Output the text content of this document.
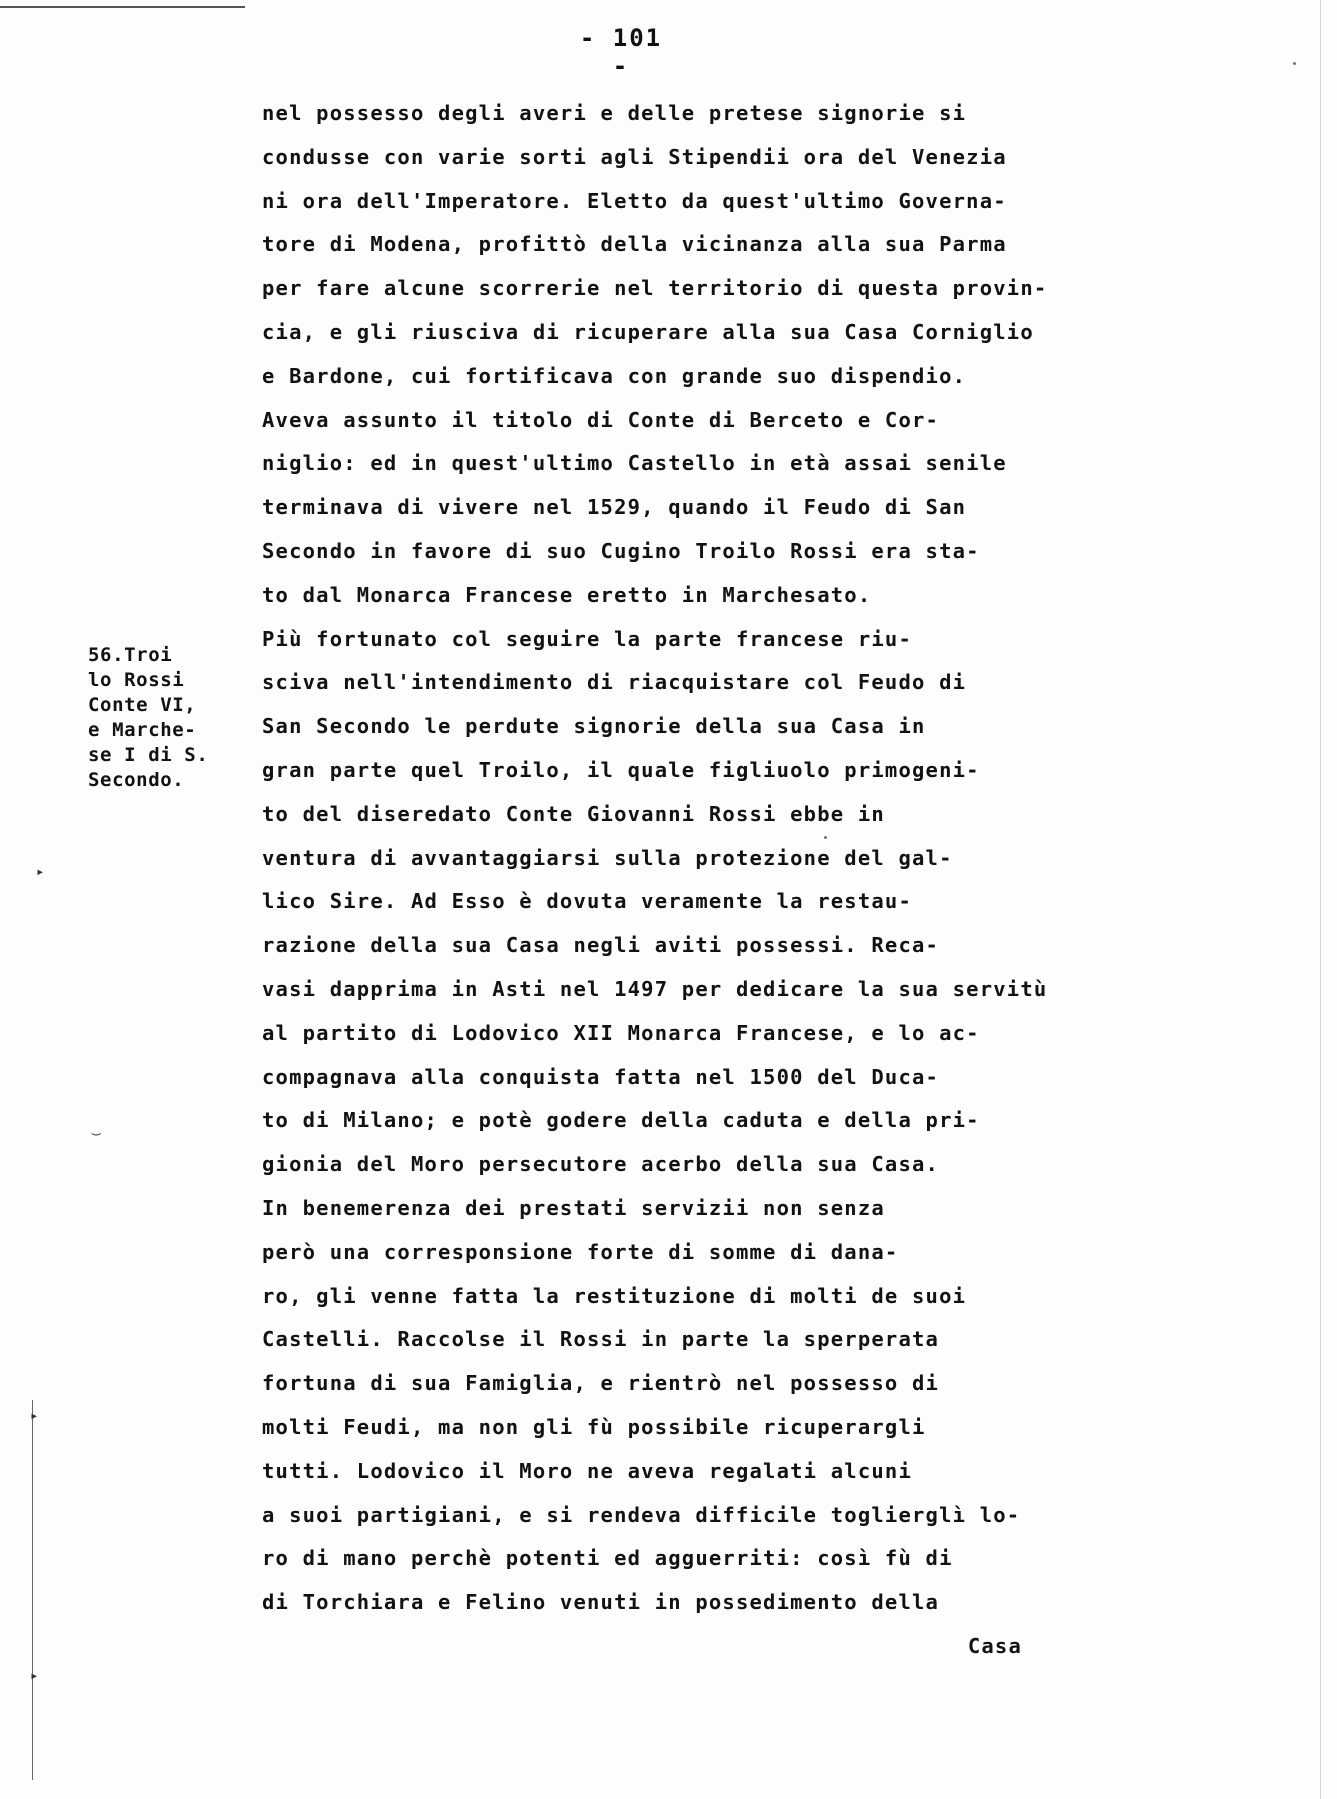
- 101 -
56.Troi
lo Rossi
Conte VI,
e Marche-
se I di S.
Secondo.
▸
‿
▸
▸
nel possesso degli averi e delle pretese signorie si
condusse con varie sorti agli Stipendii ora del Venezia
ni ora dell'Imperatore. Eletto da quest'ultimo Governa-
tore di Modena, profittò della vicinanza alla sua Parma
per fare alcune scorrerie nel territorio di questa provin-
cia, e gli riusciva di ricuperare alla sua Casa Corniglio
e Bardone, cui fortificava con grande suo dispendio.
Aveva assunto il titolo di Conte di Berceto e Cor-
niglio: ed in quest'ultimo Castello in età assai senile
terminava di vivere nel 1529, quando il Feudo di San
Secondo in favore di suo Cugino Troilo Rossi era sta-
to dal Monarca Francese eretto in Marchesato.
Più fortunato col seguire la parte francese riu-
sciva nell'intendimento di riacquistare col Feudo di
San Secondo le perdute signorie della sua Casa in
gran parte quel Troilo, il quale figliuolo primogeni-
to del diseredato Conte Giovanni Rossi ebbe in
ventura di avvantaggiarsi sulla protezione del gal-
lico Sire. Ad Esso è dovuta veramente la restau-
razione della sua Casa negli aviti possessi. Reca-
vasi dapprima in Asti nel 1497 per dedicare la sua servitù
al partito di Lodovico XII Monarca Francese, e lo ac-
compagnava alla conquista fatta nel 1500 del Duca-
to di Milano; e potè godere della caduta e della pri-
gionia del Moro persecutore acerbo della sua Casa.
In benemerenza dei prestati servizii non senza
però una corresponsione forte di somme di dana-
ro, gli venne fatta la restituzione di molti de suoi
Castelli. Raccolse il Rossi in parte la sperperata
fortuna di sua Famiglia, e rientrò nel possesso di
molti Feudi, ma non gli fù possibile ricuperargli
tutti. Lodovico il Moro ne aveva regalati alcuni
a suoi partigiani, e si rendeva difficile toglierglì lo-
ro di mano perchè potenti ed agguerriti: così fù di
di Torchiara e Felino venuti in possedimento della
Casa
